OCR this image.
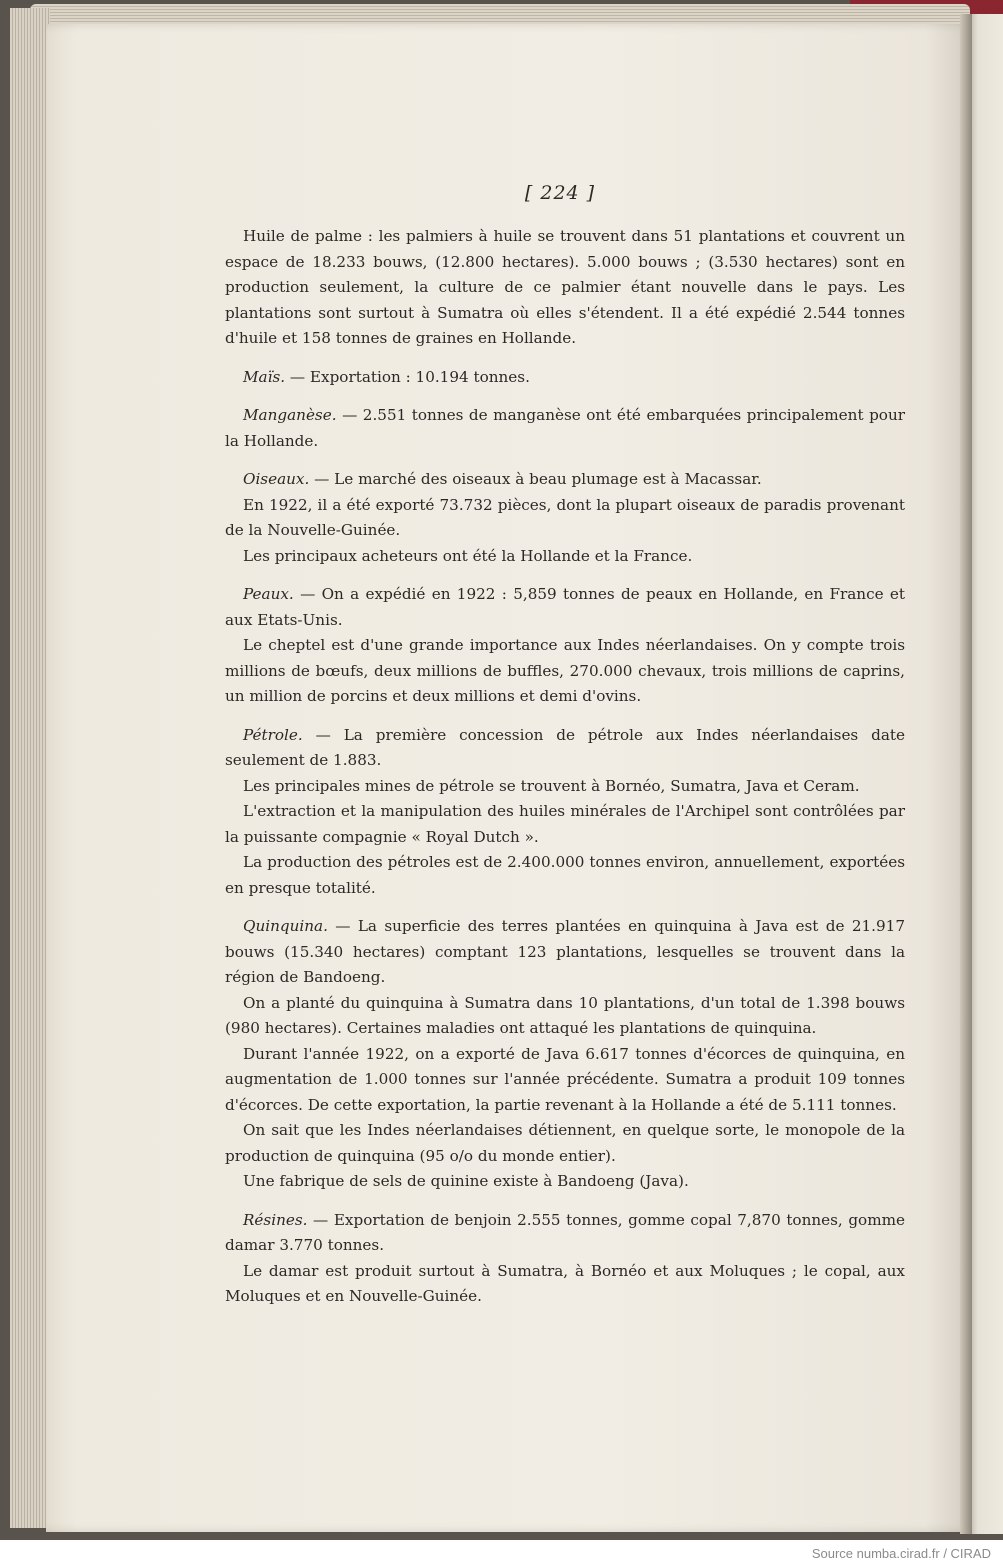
[ 224 ]

Huile de palme : les palmiers à huile se trouvent dans 51 plantations et couvrent un espace de 18.233 bouws, (12.800 hectares). 5.000 bouws ; (3.530 hectares) sont en production seulement, la culture de ce palmier étant nouvelle dans le pays. Les plantations sont surtout à Sumatra où elles s'étendent. Il a été expédié 2.544 tonnes d'huile et 158 tonnes de graines en Hollande.

Maïs. — Exportation : 10.194 tonnes.

Manganèse. — 2.551 tonnes de manganèse ont été embarquées principalement pour la Hollande.

Oiseaux. — Le marché des oiseaux à beau plumage est à Macassar.

En 1922, il a été exporté 73.732 pièces, dont la plupart oiseaux de paradis provenant de la Nouvelle-Guinée.

Les principaux acheteurs ont été la Hollande et la France.

Peaux. — On a expédié en 1922 : 5,859 tonnes de peaux en Hollande, en France et aux Etats-Unis.

Le cheptel est d'une grande importance aux Indes néerlandaises. On y compte trois millions de bœufs, deux millions de buffles, 270.000 chevaux, trois millions de caprins, un million de porcins et deux millions et demi d'ovins.

Pétrole. — La première concession de pétrole aux Indes néerlandaises date seulement de 1.883.

Les principales mines de pétrole se trouvent à Bornéo, Sumatra, Java et Ceram.

L'extraction et la manipulation des huiles minérales de l'Archipel sont contrôlées par la puissante compagnie « Royal Dutch ».

La production des pétroles est de 2.400.000 tonnes environ, annuellement, exportées en presque totalité.

Quinquina. — La superficie des terres plantées en quinquina à Java est de 21.917 bouws (15.340 hectares) comptant 123 plantations, lesquelles se trouvent dans la région de Bandoeng.

On a planté du quinquina à Sumatra dans 10 plantations, d'un total de 1.398 bouws (980 hectares). Certaines maladies ont attaqué les plantations de quinquina.

Durant l'année 1922, on a exporté de Java 6.617 tonnes d'écorces de quinquina, en augmentation de 1.000 tonnes sur l'année précédente. Sumatra a produit 109 tonnes d'écorces. De cette exportation, la partie revenant à la Hollande a été de 5.111 tonnes.

On sait que les Indes néerlandaises détiennent, en quelque sorte, le monopole de la production de quinquina (95 o/o du monde entier).

Une fabrique de sels de quinine existe à Bandoeng (Java).

Résines. — Exportation de benjoin 2.555 tonnes, gomme copal 7,870 tonnes, gomme damar 3.770 tonnes.

Le damar est produit surtout à Sumatra, à Bornéo et aux Moluques ; le copal, aux Moluques et en Nouvelle-Guinée.

Source numba.cirad.fr / CIRAD
